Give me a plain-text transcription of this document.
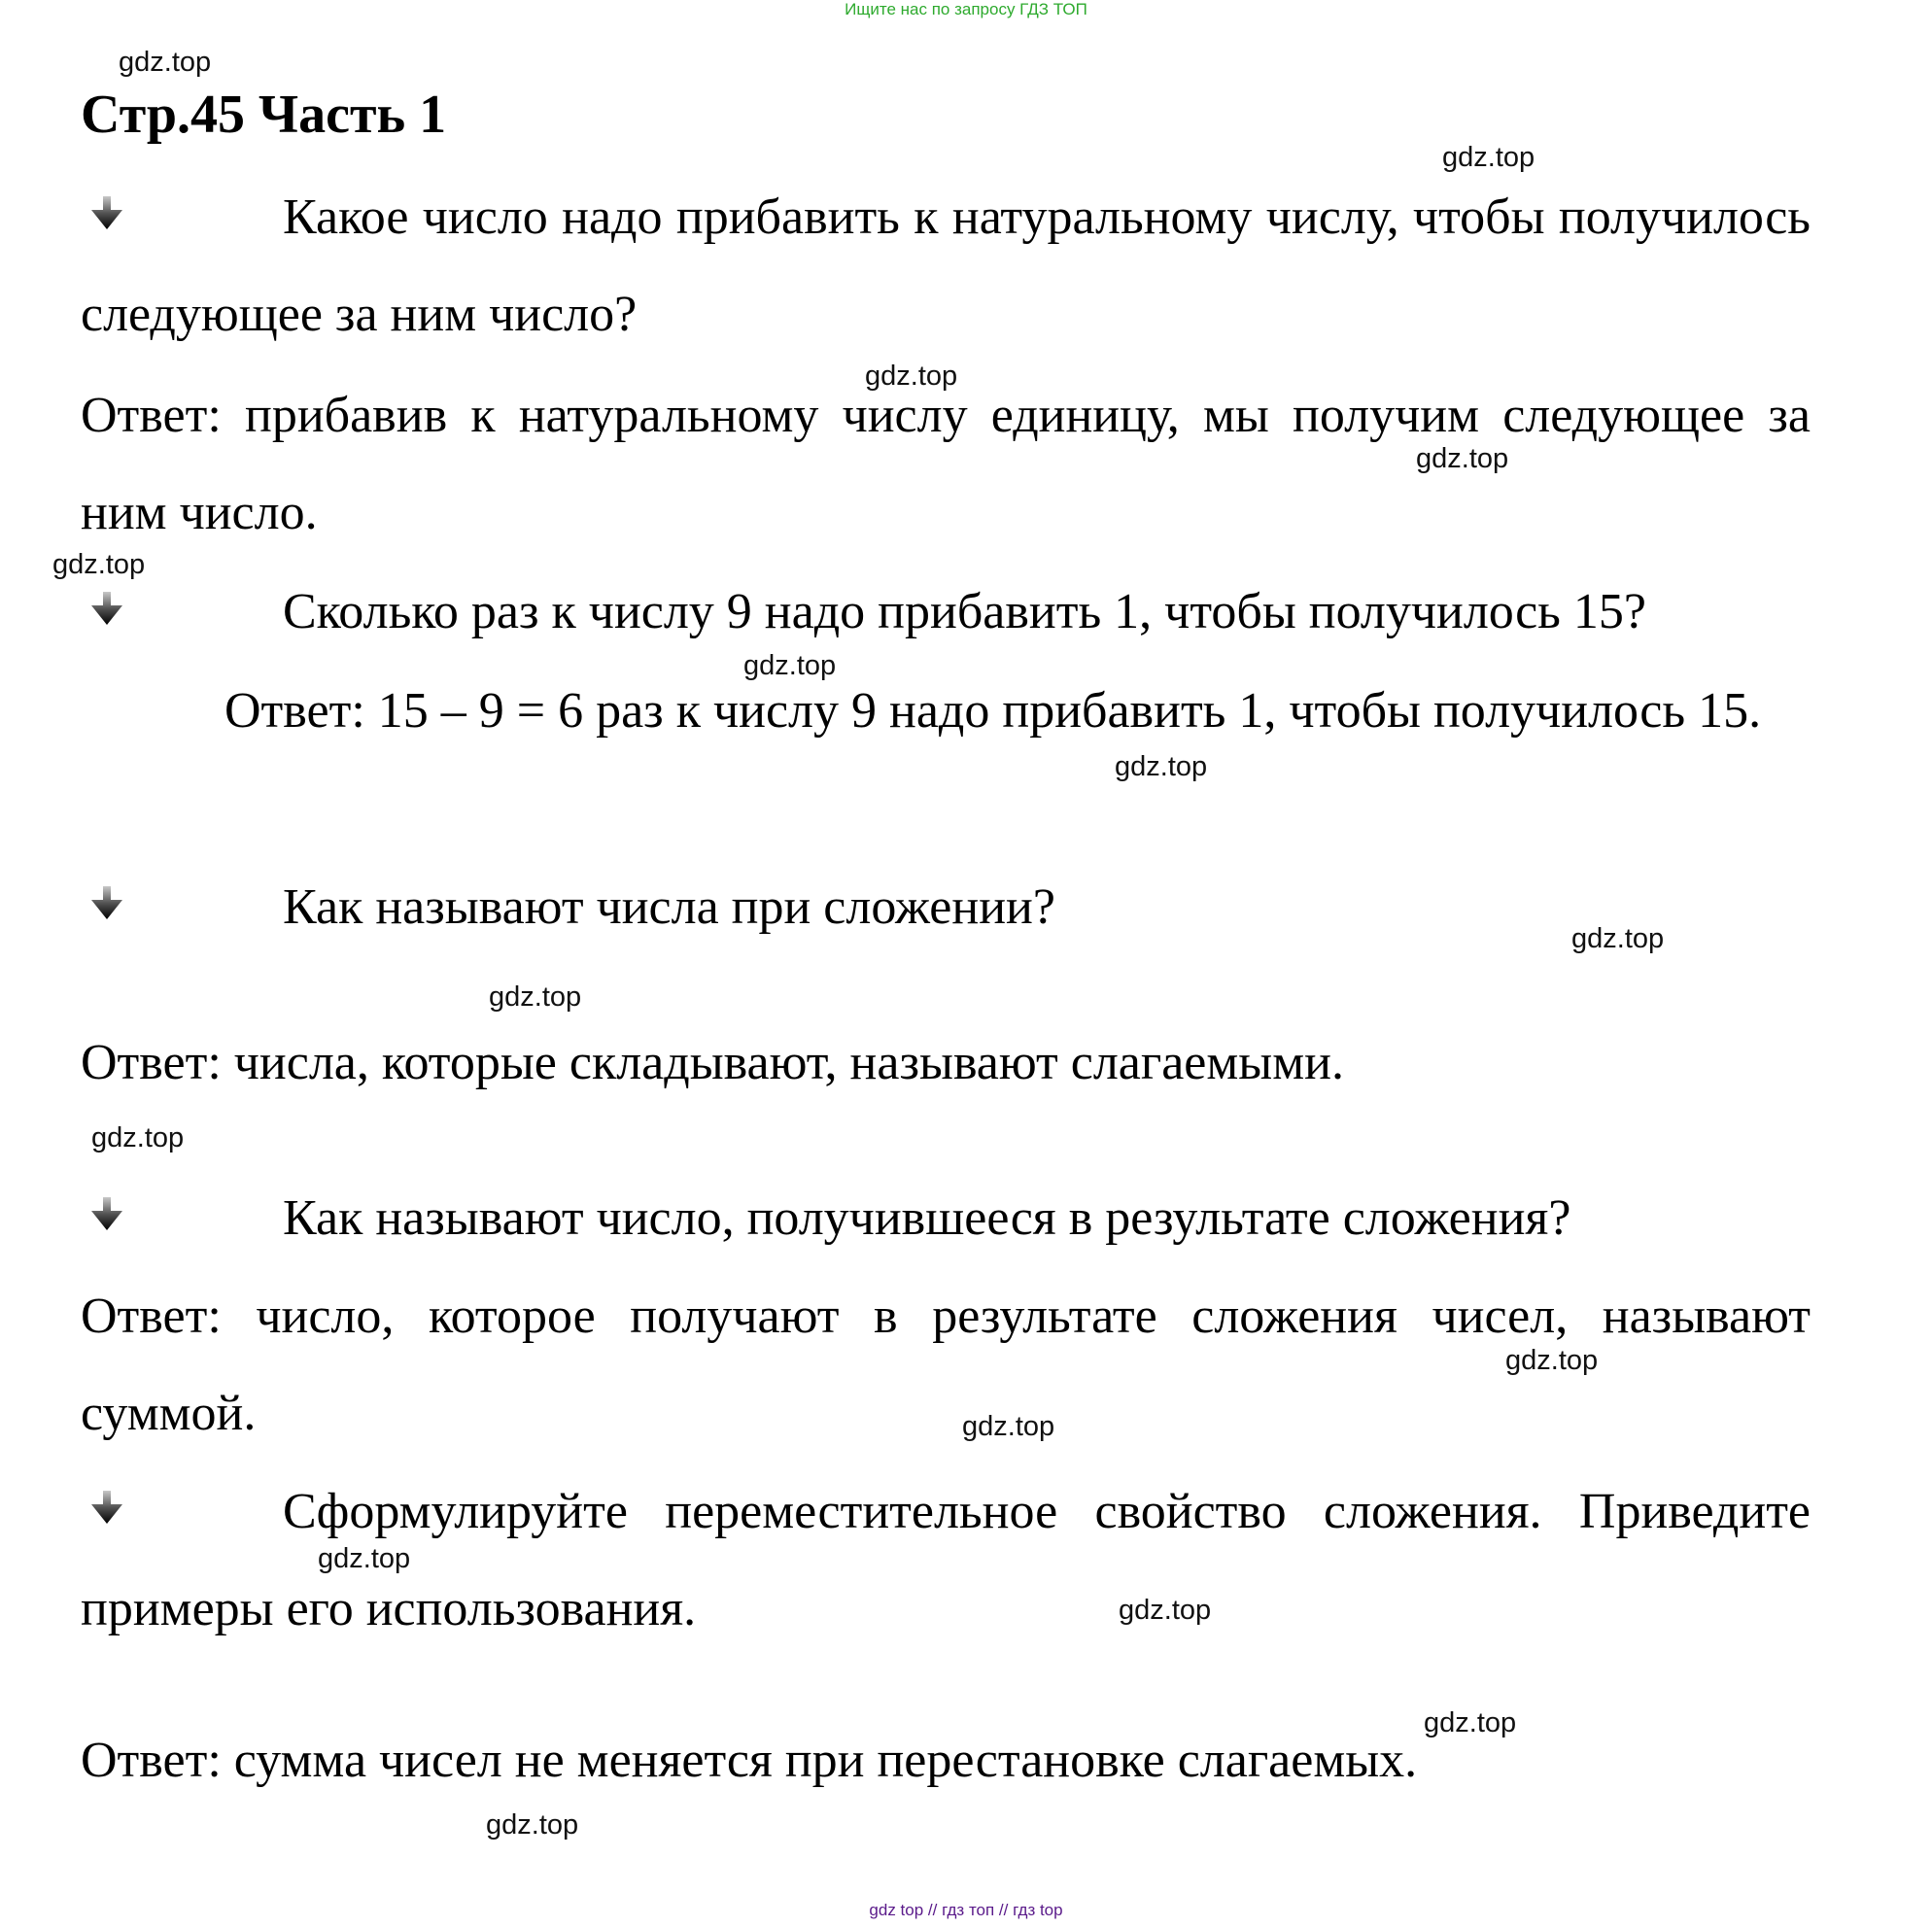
Ищите нас по запросу ГДЗ ТОП
Стр.45 Часть 1
Какое число надо прибавить к натуральному числу, чтобы получилось следующее за ним число?
Ответ: прибавив к натуральному числу единицу, мы получим следующее за ним число.
Сколько раз к числу 9 надо прибавить 1, чтобы получилось 15?
Ответ: 15 – 9 = 6 раз к числу 9 надо прибавить 1, чтобы получилось 15.
Как называют числа при сложении?
Ответ: числа, которые складывают, называют слагаемыми.
Как называют число, получившееся в результате сложения?
Ответ: число, которое получают в результате сложения чисел, называют суммой.
Сформулируйте переместительное свойство сложения. Приведите примеры его использования.
Ответ: сумма чисел не меняется при перестановке слагаемых.
gdz.top
gdz.top
gdz.top
gdz.top
gdz.top
gdz.top
gdz.top
gdz.top
gdz.top
gdz.top
gdz.top
gdz.top
gdz.top
gdz.top
gdz.top
gdz.top
gdz top // гдз топ // гдз top
